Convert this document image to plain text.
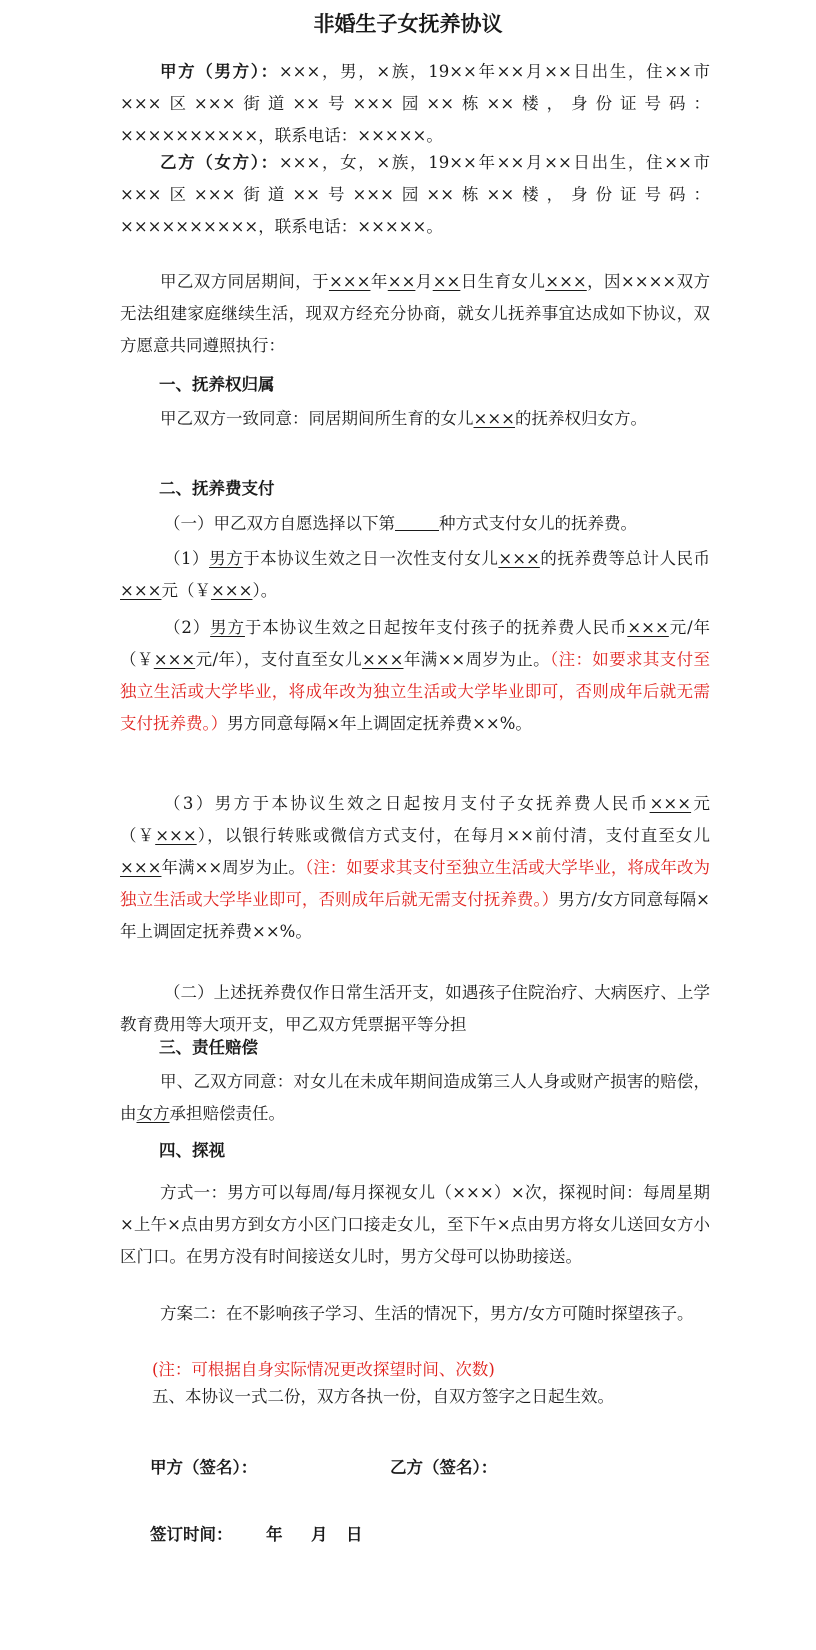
非婚生子女抚养协议
甲方（男方）：×××，男，×族，19××年××月××日出生，住××市×××区×××街道××号×××园××栋××楼，身份证号码：××××××××××，联系电话：×××××。
乙方（女方）：×××，女，×族，19××年××月××日出生，住××市×××区×××街道××号×××园××栋××楼，身份证号码：××××××××××，联系电话：×××××。
甲乙双方同居期间，于×××年××月××日生育女儿×××，因××××双方无法组建家庭继续生活，现双方经充分协商，就女儿抚养事宜达成如下协议，双方愿意共同遵照执行：
一、抚养权归属
甲乙双方一致同意：同居期间所生育的女儿×××的抚养权归女方。
二、抚养费支付
（一）甲乙双方自愿选择以下第	种方式支付女儿的抚养费。
（1）男方于本协议生效之日一次性支付女儿×××的抚养费等总计人民币×××元（￥×××）。
（2）男方于本协议生效之日起按年支付孩子的抚养费人民币×××元/年（￥×××元/年），支付直至女儿×××年满××周岁为止。（注：如要求其支付至独立生活或大学毕业，将成年改为独立生活或大学毕业即可，否则成年后就无需支付抚养费。）男方同意每隔×年上调固定抚养费××%。
（3）男方于本协议生效之日起按月支付子女抚养费人民币×××元（￥×××），以银行转账或微信方式支付，在每月××前付清，支付直至女儿×××年满××周岁为止。（注：如要求其支付至独立生活或大学毕业，将成年改为独立生活或大学毕业即可，否则成年后就无需支付抚养费。）男方/女方同意每隔×年上调固定抚养费××%。
（二）上述抚养费仅作日常生活开支，如遇孩子住院治疗、大病医疗、上学教育费用等大项开支，甲乙双方凭票据平等分担
三、责任赔偿
甲、乙双方同意：对女儿在未成年期间造成第三人人身或财产损害的赔偿，由女方承担赔偿责任。
四、探视
方式一：男方可以每周/每月探视女儿（×××）×次，探视时间：每周星期×上午×点由男方到女方小区门口接走女儿，至下午×点由男方将女儿送回女方小区门口。在男方没有时间接送女儿时，男方父母可以协助接送。
方案二：在不影响孩子学习、生活的情况下，男方/女方可随时探望孩子。
(注：可根据自身实际情况更改探望时间、次数)
五、本协议一式二份，双方各执一份，自双方签字之日起生效。
甲方（签名）：	乙方（签名）：
签订时间： 年 月 日
